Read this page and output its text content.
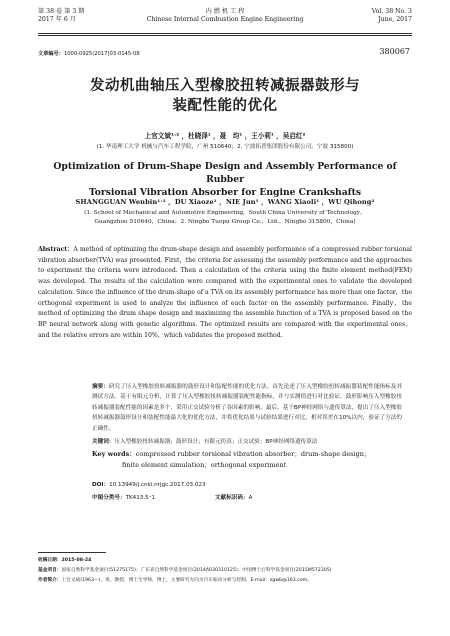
第 38 卷 第 3 期
2017 年 6 月
内 燃 机 工 程
Chinese Internal Combustion Engine Engineering
Vol. 38 No. 3
June, 2017
文章编号：1000-0925(2017)03-0145-08	380067
发动机曲轴压入型橡胶扭转减振器鼓形与
装配性能的优化
上官文斌¹˒² ，杜晓泽¹ ，聂　均¹ ，王小莉¹ ，吴启红²
(1. 华南理工大学 机械与汽车工程学院，广州 510640；2. 宁波拓普集团股份有限公司，宁波 315800)
Optimization of Drum-Shape Design and Assembly Performance of Rubber
Torsional Vibration Absorber for Engine Crankshafts
SHANGGUAN Wenbin¹˒² ，DU Xiaoze¹ ，NIE Jun¹ ，WANG Xiaoli¹ ，WU Qihong²
(1. School of Mechanical and Automotive Engineering，South China University of Technology，
Guangzhou 510640，China；2. Ningbo Tuopu Group Co.，Ltd.，Ningbo 315800，China)
Abstract：A method of optimizing the drum-shape design and assembly performance of a compressed rubber torsional vibration absorber(TVA) was presented. First，the criteria for assessing the assembly performance and the approaches to experiment the criteria were introduced. Then a calculation of the criteria using the finite element method(FEM) was developed. The results of the calculation were compared with the experimental ones to validate the developed calculation. Since the influence of the drum-shape of a TVA on its assembly performance has more than one factor，the orthogonal experiment is used to analyze the influence of each factor on the assembly performance. Finally，the method of optimizing the drum shape design and maximizing the assemble function of a TVA is proposed based on the BP neural network along with genetic algorithms. The optimized results are compared with the experimental ones，and the relative errors are within 10%，which validates the proposed method.
摘要：研究了压入型橡胶扭转减振器的鼓形设计和装配性能的优化方法。首先论述了压入型橡胶扭转减振器装配性能指标及其测试方法。基于有限元分析，计算了压入型橡胶扭转减振器装配性能指标，并与实测值进行对比验证。鼓形影响压入型橡胶扭转减振器装配性能的因素是多个，采用正交试验分析了各因素的影响。最后，基于BP神经网络与遗传算法，提出了压入型橡胶扭转减振器鼓形设计和装配性能最大化的优化方法，并将优化结果与试验结果进行对比，相对误差在10%以内，验证了方法的正确性。
关键词：压入型橡胶扭转减振器；鼓形设计；有限元仿真；正交试验；BP神经网络遗传算法
Key words：compressed rubber torsional vibration absorber；drum-shape design；
finite element simulation；orthogonal experiment
DOI：10.13949/j.cnki.nrjgc.2017.03.023
中图分类号：TK413.5⁺1	文献标识码：A
收稿日期：2015-08-24
基金项目：国家自然科学基金项目(51275175)；广东省自然科学基金项目(2014A030310125)；中国博士后科学基金项目(2015M572305)
作者简介：上官文斌(1963—)，男，教授，博士生导师，博士，主要研究方向为汽车振动分析与控制，E-mail：sgwb@163.com。
